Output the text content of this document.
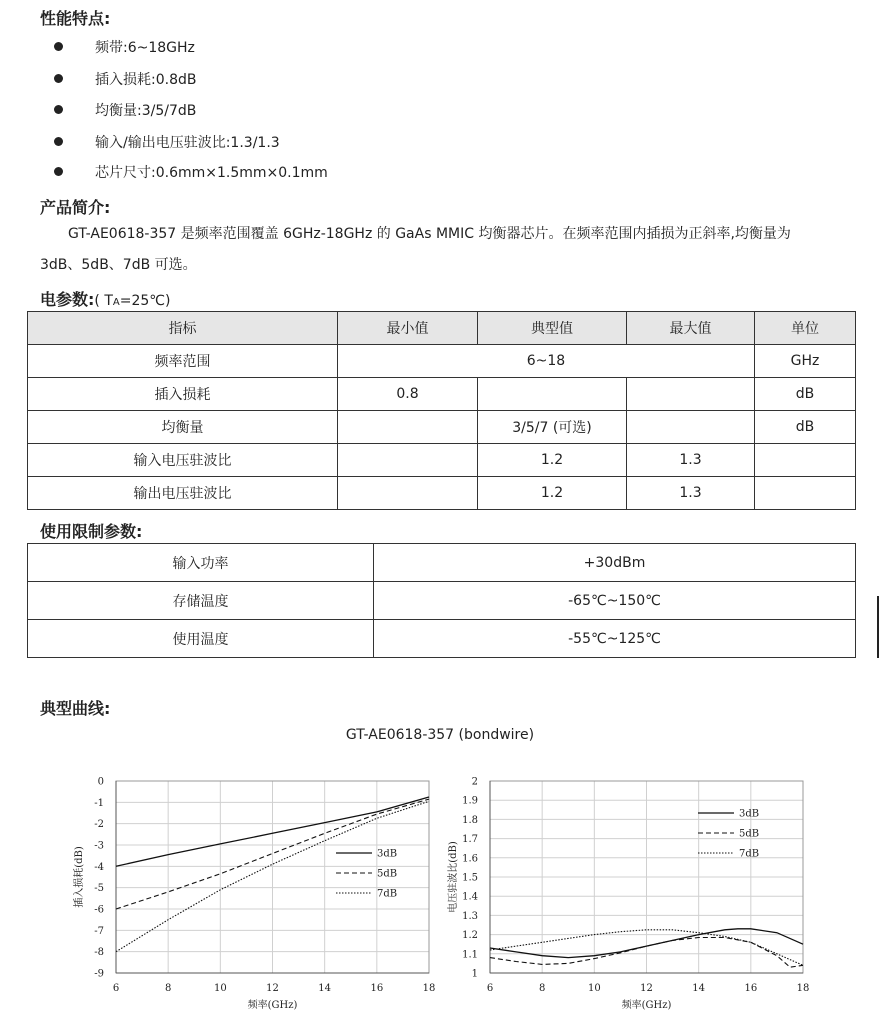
性能特点:
频带:6~18GHz
插入损耗:0.8dB
均衡量:3/5/7dB
输入/输出电压驻波比:1.3/1.3
芯片尺寸:0.6mm×1.5mm×0.1mm
产品简介:
GT-AE0618-357 是频率范围覆盖 6GHz-18GHz 的 GaAs MMIC 均衡器芯片。在频率范围内插损为正斜率,均衡量为
3dB、5dB、7dB 可选。
电参数:( TA=25℃)
指标	最小值	典型值	最大值	单位
频率范围	6~18			GHz
插入损耗	0.8			dB
均衡量		3/5/7 (可选)		dB
输入电压驻波比		1.2	1.3	
输出电压驻波比		1.2	1.3	
使用限制参数:
输入功率	+30dBm
存储温度	-65℃~150℃
使用温度	-55℃~125℃
典型曲线:
GT-AE0618-357 (bondwire)
6	8	10	12	14	16	18
0
-1
-2
-3
-4
-5
-6
-7
-8
-9
频率(GHz)
插入损耗(dB)	3dB
5dB
7dB
6	8	10	12	14	16	18
1
1.1
1.2
1.3
1.4
1.5
1.6
1.7
1.8
1.9
2
频率(GHz)
电压驻波比(dB)
3dB
5dB
7dB
